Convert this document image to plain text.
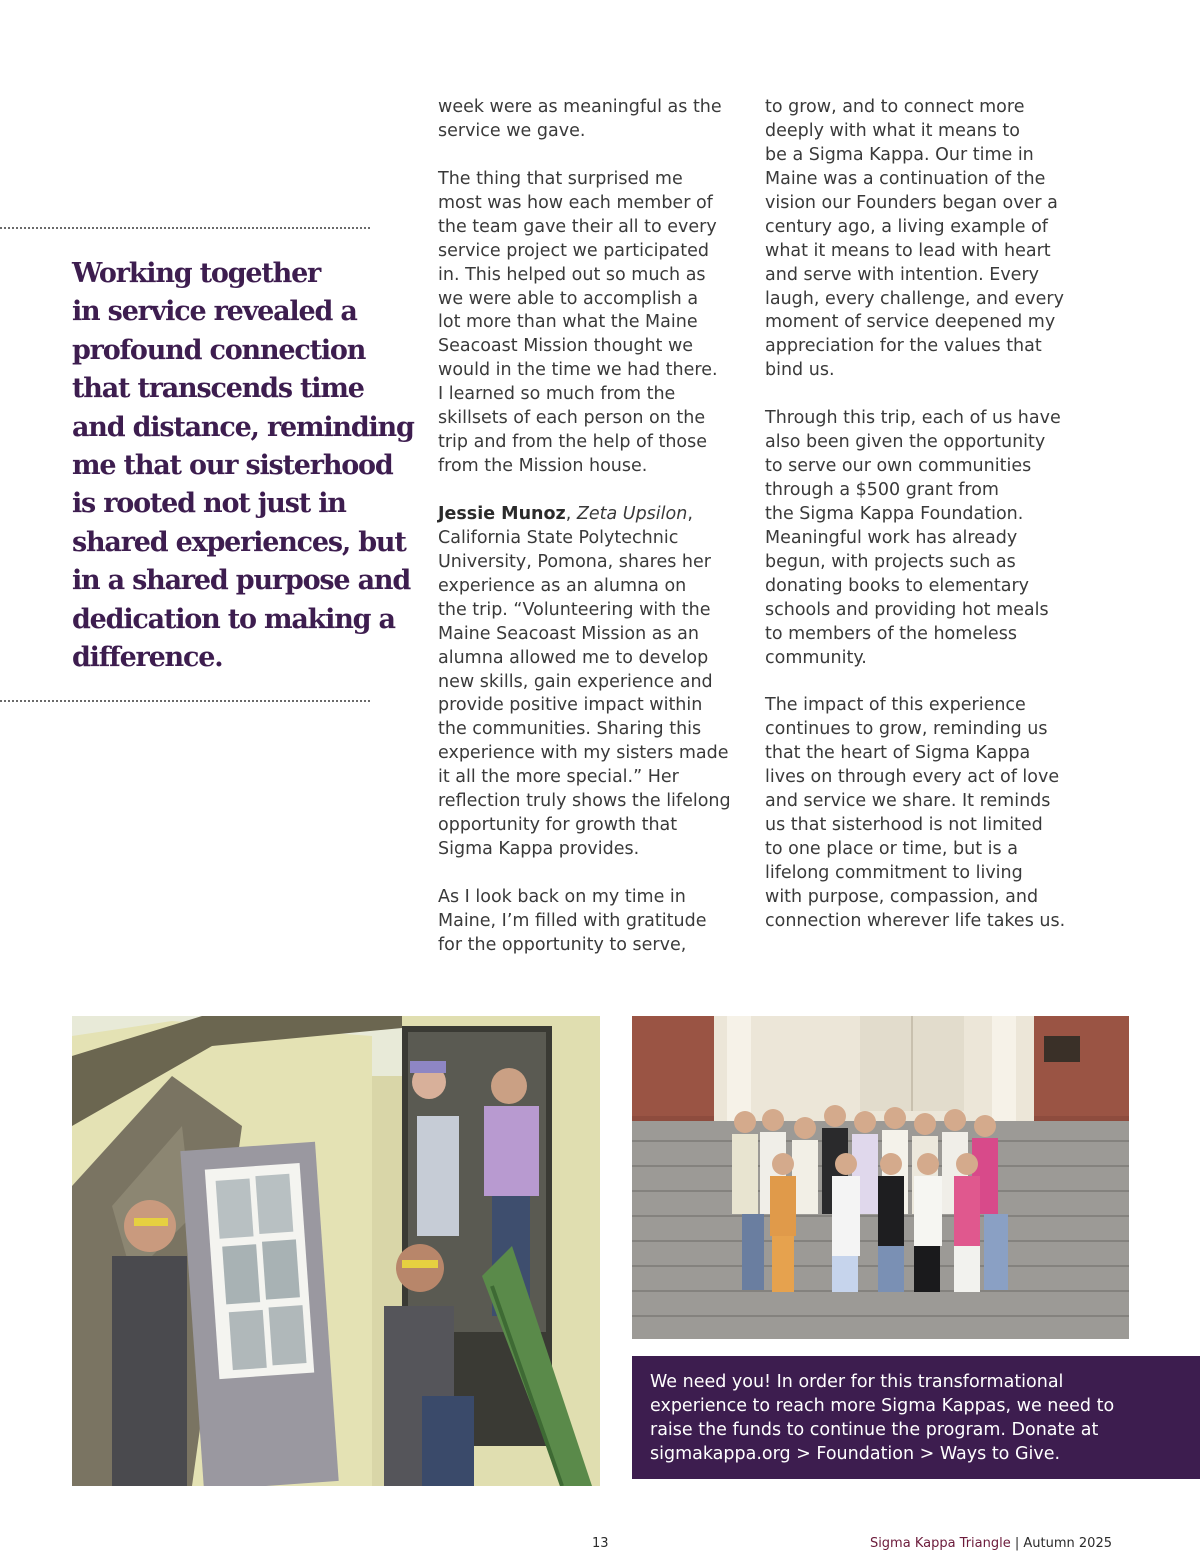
Working together
in service revealed a
profound connection
that transcends time
and distance, reminding
me that our sisterhood
is rooted not just in
shared experiences, but
in a shared purpose and
dedication to making a
difference.
week were as meaningful as the
service we gave.
The thing that surprised me
most was how each member of
the team gave their all to every
service project we participated
in. This helped out so much as
we were able to accomplish a
lot more than what the Maine
Seacoast Mission thought we
would in the time we had there.
I learned so much from the
skillsets of each person on the
trip and from the help of those
from the Mission house.
Jessie Munoz, Zeta Upsilon,
California State Polytechnic
University, Pomona, shares her
experience as an alumna on
the trip. “Volunteering with the
Maine Seacoast Mission as an
alumna allowed me to develop
new skills, gain experience and
provide positive impact within
the communities. Sharing this
experience with my sisters made
it all the more special.” Her
reflection truly shows the lifelong
opportunity for growth that
Sigma Kappa provides.
As I look back on my time in
Maine, I’m filled with gratitude
for the opportunity to serve,
to grow, and to connect more
deeply with what it means to
be a Sigma Kappa. Our time in
Maine was a continuation of the
vision our Founders began over a
century ago, a living example of
what it means to lead with heart
and serve with intention. Every
laugh, every challenge, and every
moment of service deepened my
appreciation for the values that
bind us.
Through this trip, each of us have
also been given the opportunity
to serve our own communities
through a $500 grant from
the Sigma Kappa Foundation.
Meaningful work has already
begun, with projects such as
donating books to elementary
schools and providing hot meals
to members of the homeless
community.
The impact of this experience
continues to grow, reminding us
that the heart of Sigma Kappa
lives on through every act of love
and service we share. It reminds
us that sisterhood is not limited
to one place or time, but is a
lifelong commitment to living
with purpose, compassion, and
connection wherever life takes us.
We need you! In order for this transformational
experience to reach more Sigma Kappas, we need to
raise the funds to continue the program. Donate at
sigmakappa.org > Foundation > Ways to Give.
13	Sigma Kappa Triangle | Autumn 2025
